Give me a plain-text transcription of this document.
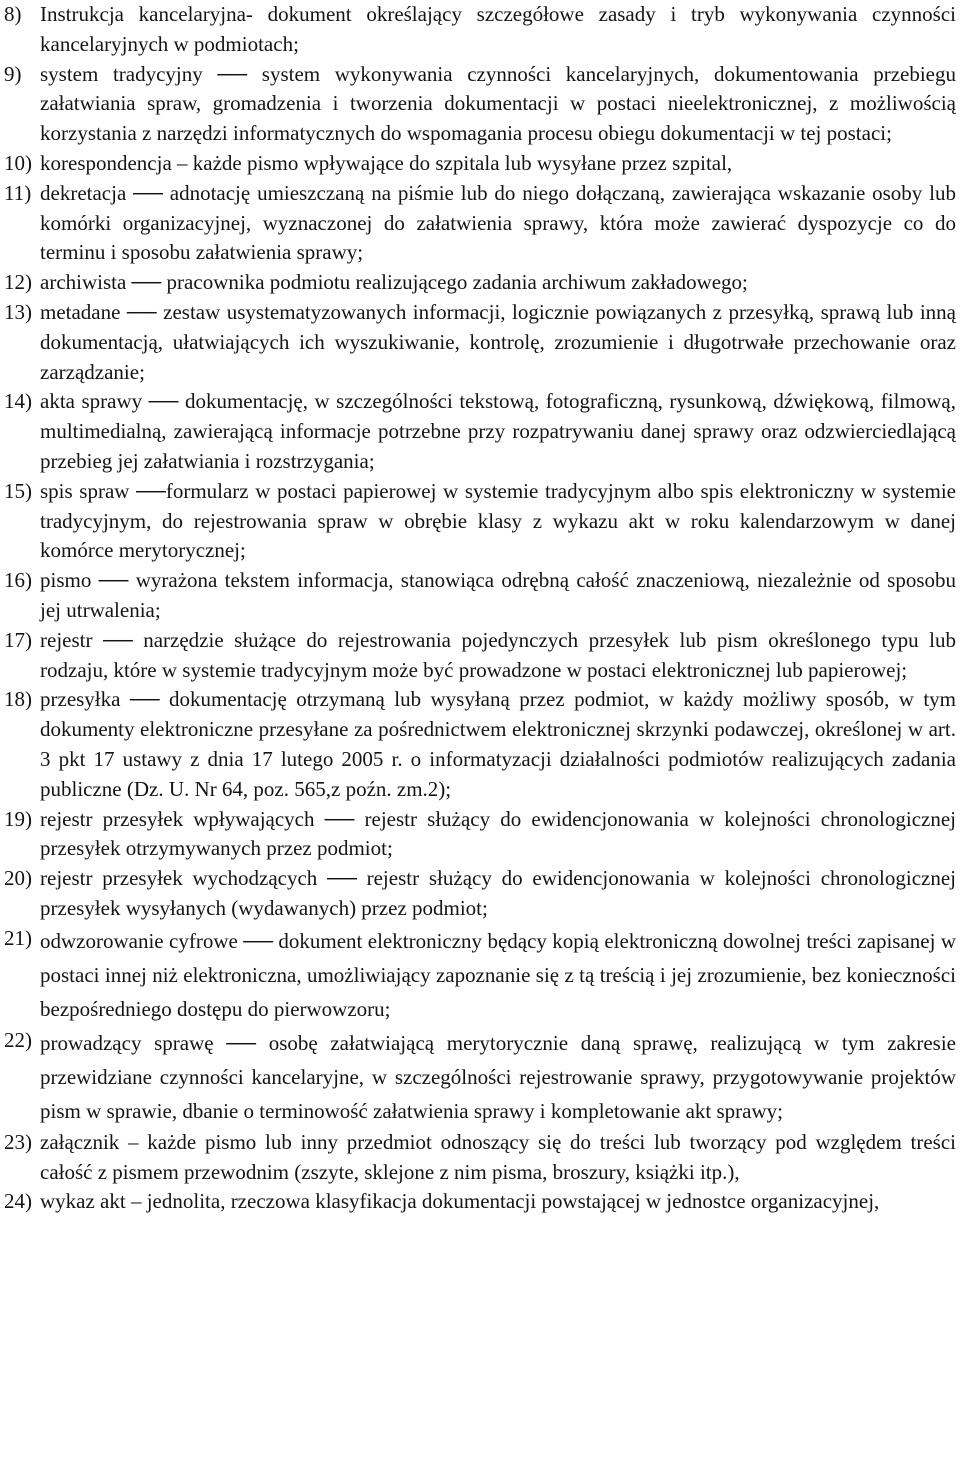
8) Instrukcja kancelaryjna- dokument określający szczegółowe zasady i tryb wykonywania czynności kancelaryjnych w podmiotach;
9) system tradycyjny ── system wykonywania czynności kancelaryjnych, dokumentowania przebiegu załatwiania spraw, gromadzenia i tworzenia dokumentacji w postaci nieelektronicznej, z możliwością korzystania z narzędzi informatycznych do wspomagania procesu obiegu dokumentacji w tej postaci;
10) korespondencja – każde pismo wpływające do szpitala lub wysyłane przez szpital,
11) dekretacja ── adnotację umieszczaną na piśmie lub do niego dołączaną, zawierająca wskazanie osoby lub komórki organizacyjnej, wyznaczonej do załatwienia sprawy, która może zawierać dyspozycje co do terminu i sposobu załatwienia sprawy;
12) archiwista ── pracownika podmiotu realizującego zadania archiwum zakładowego;
13) metadane ── zestaw usystematyzowanych informacji, logicznie powiązanych z przesyłką, sprawą lub inną dokumentacją, ułatwiających ich wyszukiwanie, kontrolę, zrozumienie i długotrwałe przechowanie oraz zarządzanie;
14) akta sprawy ── dokumentację, w szczególności tekstową, fotograficzną, rysunkową, dźwiękową, filmową, multimedialną, zawierającą informacje potrzebne przy rozpatrywaniu danej sprawy oraz odzwierciedlającą przebieg jej załatwiania i rozstrzygania;
15) spis spraw ──formularz w postaci papierowej w systemie tradycyjnym albo spis elektroniczny w systemie tradycyjnym, do rejestrowania spraw w obrębie klasy z wykazu akt w roku kalendarzowym w danej komórce merytorycznej;
16) pismo ── wyrażona tekstem informacja, stanowiąca odrębną całość znaczeniową, niezależnie od sposobu jej utrwalenia;
17) rejestr ── narzędzie służące do rejestrowania pojedynczych przesyłek lub pism określonego typu lub rodzaju, które w systemie tradycyjnym może być prowadzone w postaci elektronicznej lub papierowej;
18) przesyłka ── dokumentację otrzymaną lub wysyłaną przez podmiot, w każdy możliwy sposób, w tym dokumenty elektroniczne przesyłane za pośrednictwem elektronicznej skrzynki podawczej, określonej w art. 3 pkt 17 ustawy z dnia 17 lutego 2005 r. o informatyzacji działalności podmiotów realizujących zadania publiczne (Dz. U. Nr 64, poz. 565,z poźn. zm.2);
19) rejestr przesyłek wpływających ── rejestr służący do ewidencjonowania w kolejności chronologicznej przesyłek otrzymywanych przez podmiot;
20) rejestr przesyłek wychodzących ── rejestr służący do ewidencjonowania w kolejności chronologicznej przesyłek wysyłanych (wydawanych) przez podmiot;
21) odwzorowanie cyfrowe ── dokument elektroniczny będący kopią elektroniczną dowolnej treści zapisanej w postaci innej niż elektroniczna, umożliwiający zapoznanie się z tą treścią i jej zrozumienie, bez konieczności bezpośredniego dostępu do pierwowzoru;
22) prowadzący sprawę ── osobę załatwiającą merytorycznie daną sprawę, realizującą w tym zakresie przewidziane czynności kancelaryjne, w szczególności rejestrowanie sprawy, przygotowywanie projektów pism w sprawie, dbanie o terminowość załatwienia sprawy i kompletowanie akt sprawy;
23) załącznik – każde pismo lub inny przedmiot odnoszący się do treści lub tworzący pod względem treści całość z pismem przewodnim (zszyte, sklejone z nim pisma, broszury, książki itp.),
24) wykaz akt – jednolita, rzeczowa klasyfikacja dokumentacji powstającej w jednostce organizacyjnej,
